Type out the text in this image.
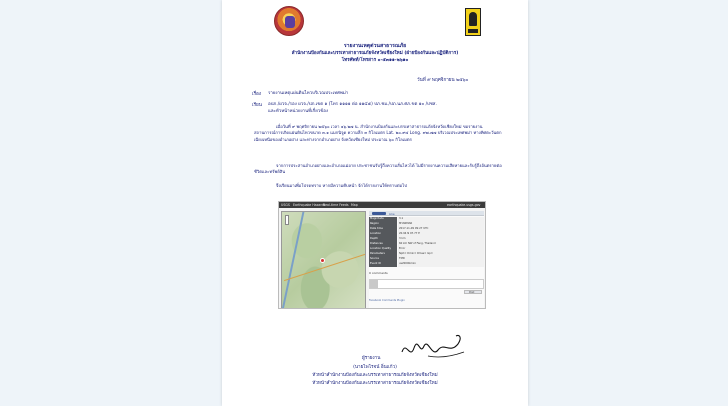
รายงานเหตุด่วนสาธารณภัย
สำนักงานป้องกันและบรรเทาสาธารณภัยจังหวัดเชียงใหม่ (ฝ่ายป้องกันและปฏิบัติการ)
โทรศัพท์/โทรสาร ๐-๕๓๑๑-๒๖๑๐
วันที่ ๙ พฤศจิกายน ๒๕๖๐
เรื่อง รายงานเหตุแผ่นดินไหวบริเวณประเทศพม่า
เรียน อปภ./ผวจ./รอง ผวจ./ปภ.เขต ๑ (โทร ๑๑๑๑ ต่อ ๑๑๔๕) ปภ.ชม./ปภ.นภ.ศภ.ขต ๑๐ /ปชส.
และหัวหน้าหน่วยงานที่เกี่ยวข้อง
เมื่อวันที่ ๙ พฤศจิกายน ๒๕๖๐ เวลา ๑๖.๒๗ น. สำนักงานป้องกันและบรรเทาสาธารณภัยจังหวัดเชียงใหม่ ขอรายงานสถานการณ์การเกิดแผ่นดินไหวขนาด ๓.๑ แมกนิจูด ความลึก ๓ กิโลเมตร Lat. ๒๐.๙๔ Long. ๙๗.๗๗ บริเวณประเทศพม่า ทางทิศตะวันตกเฉียงเหนือของอำเภอฝาง และห่างจากอำเภอฝาง จังหวัดเชียงใหม่ ประมาณ ๖๐ กิโลเมตร
จากการประสานอำเภอฝางและอำเภอแม่อาย ประชาชนรับรู้ถึงความสั่นไหวได้ ไม่มีรายงานความเสียหายและรับรู้ถึงอันตรายต่อชีวิตและทรัพย์สิน
จึงเรียนมาเพื่อโปรดทราบ หากมีความคืบหน้า จักได้รายงานให้ทราบต่อไป
USGS Earthquake Hazards
Real-time Feeds Map	earthquake.usgs.gov
Like
Magnitude	3.1
Region	MYANMAR
Date time	2017-11-09 09:27 UTC
Location	20.94 N 97.77 E
Depth	3 km
Distances	60 km NW of Fang, Thailand
Location Quality	Error
Parameters	Nph= Dmin= Rmss= Gp=
Source	TMD
Event ID	us2000bmxx
0 comments
Post
Facebook Comments Plugin
ผู้รายงาน
(นายไพโรจน์ อิ่นแก้ว)
หัวหน้าสำนักงานป้องกันและบรรเทาสาธารณภัยจังหวัดเชียงใหม่
หัวหน้าสำนักงานป้องกันและบรรเทาสาธารณภัยจังหวัดเชียงใหม่
